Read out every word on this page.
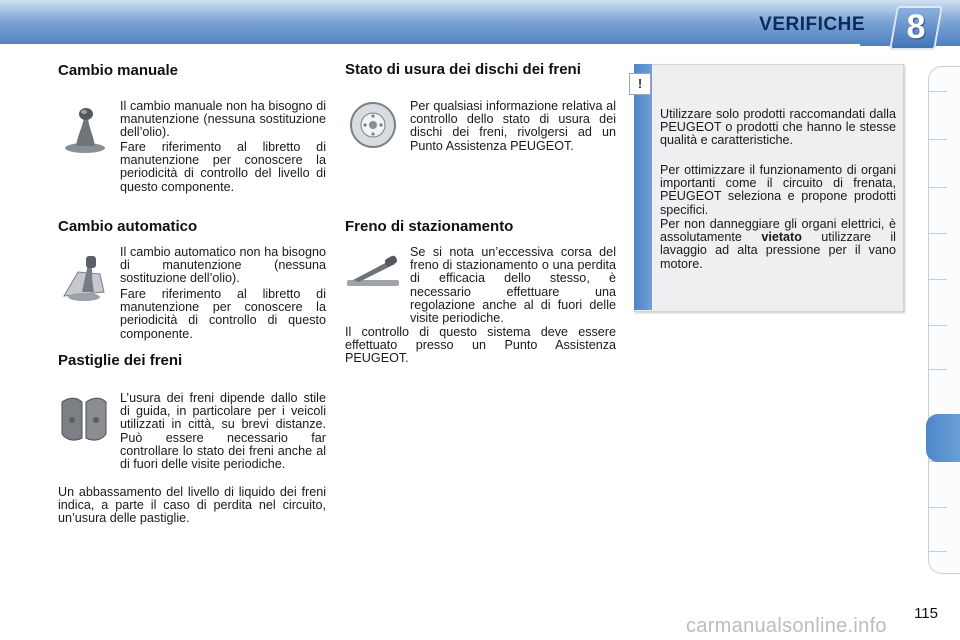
VERIFICHE	8
Cambio manuale

Il cambio manuale non ha bisogno di manutenzione (nessuna sostituzione dell’olio).

Fare riferimento al libretto di manutenzione per conoscere la periodicità di controllo del livello di questo componente.

Cambio automatico

Il cambio automatico non ha bisogno di manutenzione (nessuna sostituzione dell’olio).

Fare riferimento al libretto di manutenzione per conoscere la periodicità di controllo di questo componente.

Pastiglie dei freni

L’usura dei freni dipende dallo stile di guida, in particolare per i veicoli utilizzati in città, su brevi distanze. Può essere necessario far controllare lo stato dei freni anche al di fuori delle visite periodiche.

Un abbassamento del livello di liquido dei freni indica, a parte il caso di perdita nel circuito, un’usura delle pastiglie.

Stato di usura dei dischi dei freni

Per qualsiasi informazione relativa al controllo dello stato di usura dei dischi dei freni, rivolgersi ad un Punto Assistenza PEUGEOT.

Freno di stazionamento

Se si nota un’eccessiva corsa del freno di stazionamento o una perdita di efficacia dello stesso, è necessario effettuare una regolazione anche al di fuori delle visite periodiche.

Il controllo di questo sistema deve essere effettuato presso un Punto Assistenza PEUGEOT.

!

Utilizzare solo prodotti raccomandati dalla PEUGEOT o prodotti che hanno le stesse qualità e caratteristiche.

Per ottimizzare il funzionamento di organi importanti come il circuito di frenata, PEUGEOT seleziona e propone prodotti specifici.

Per non danneggiare gli organi elettrici, è assolutamente vietato utilizzare il lavaggio ad alta pressione per il vano motore.

115
carmanualsonline.info
